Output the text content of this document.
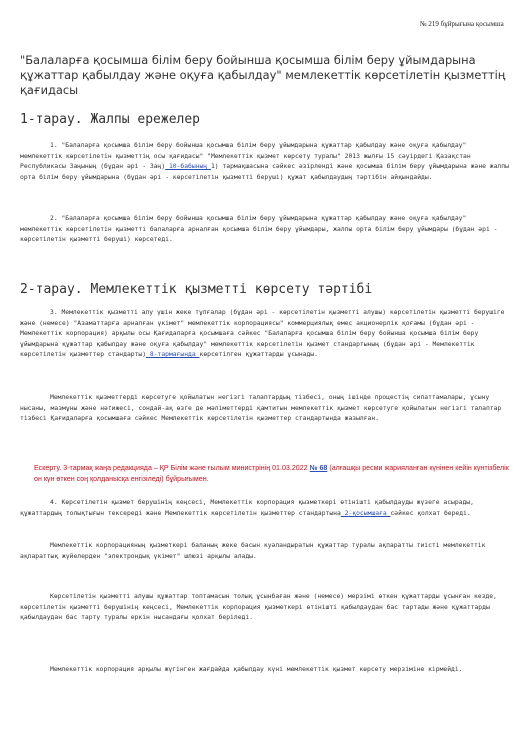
№ 219 бұйрығына қосымша
"Балаларға қосымша білім беру бойынша қосымша білім беру ұйымдарына құжаттар қабылдау және оқуға қабылдау" мемлекеттік көрсетілетін қызметтің қағидасы
1-тарау. Жалпы ережелер

1. "Балаларға қосымша білім беру бойынша қосымша білім беру ұйымдарына құжаттар қабылдау және оқуға қабылдау" мемлекеттік көрсетілетін қызметтің осы қағидасы" "Мемлекеттік қызмет көрсету туралы" 2013 жылғы 15 сәуірдегі Қазақстан Республикасы Заңының (бұдан әрі - Заң) 10-бабының 1) тармақшасына сәйкес әзірленді және қосымша білім беру ұйымдарына және жалпы орта білім беру ұйымдарына (бұдан әрі - көрсетілетін қызметті беруші) құжат қабылдаудың тәртібін айқындайды.

2. "Балаларға қосымша білім беру бойынша қосымша білім беру ұйымдарына құжаттар қабылдау және оқуға қабылдау" мемлекеттік көрсетілетін қызметті балаларға арналған қосымша білім беру ұйымдары, жалпы орта білім беру ұйымдары (бұдан әрі - көрсетілетін қызметті беруші) көрсетеді.

2-тарау. Мемлекеттік қызметті көрсету тәртібі

3. Мемлекеттік қызметті алу үшін жеке тұлғалар (бұдан әрі - көрсетілетін қызметті алушы) көрсетілетін қызметті берушіге және (немесе) "Азаматтарға арналған үкімет" мемлекеттік корпорациясы" коммерциялық емес акционерлік қоғамы (бұдан әрі - Мемлекеттік корпорация) арқылы осы Қағидаларға қосымшаға сәйкес "Балаларға қосымша білім беру бойынша қосымша білім беру ұйымдарына құжаттар қабылдау және оқуға қабылдау" мемлекеттік көрсетілетін қызмет стандартының (бұдан әрі - Мемлекеттік көрсетілетін қызметтер стандарты) 8-тармағында көрсетілген құжаттарды ұсынады.

Мемлекеттік қызметтерді көрсетуге қойылатын негізгі талаптардың тізбесі, оның ішінде процестің сипаттамалары, ұсыну нысаны, мазмұны және нәтижесі, сондай-ақ өзге де мәліметтерді қамтитын мемлекеттік қызмет көрсетуге қойылатын негізгі талаптар тізбесі Қағидаларға қосымшаға сәйкес Мемлекеттік көрсетілетін қызметтер стандартында жазылған.

Ескерту. 3-тармақ жаңа редакцияда – ҚР Білім және ғылым министрінің 01.03.2022 № 68 (алғашқы ресми жарияланған күнінен кейін күнтізбелік он күн өткен соң қолданысқа енгізіледі) бұйрығымен.

4. Көрсетілетін қызмет берушінің кеңсесі, Мемлекеттік корпорация қызметкері өтінішті қабылдауды жүзеге асырады, құжаттардың толықтығын тексереді және Мемлекеттік көрсетілетін қызметтер стандартына 2-қосымшаға сәйкес қолхат береді.

Мемлекеттік корпорацияның қызметкері баланың жеке басын куәландыратын құжаттар туралы ақпаратты тиісті мемлекеттік ақпараттық жүйелерден "электрондық үкімет" шлюзі арқылы алады.

Көрсетілетін қызметті алушы құжаттар топтамасын толық ұсынбаған және (немесе) мерзімі өткен құжаттарды ұсынған кезде, көрсетілетін қызметті берушінің кеңсесі, Мемлекеттік корпорация қызметкері өтінішті қабылдаудан бас тартады және құжаттарды қабылдаудан бас тарту туралы еркін нысандағы қолхат беріледі.

Мемлекеттік корпорация арқылы жүгінген жағдайда қабылдау күні мемлекеттік қызмет көрсету мерзіміне кірмейді.
